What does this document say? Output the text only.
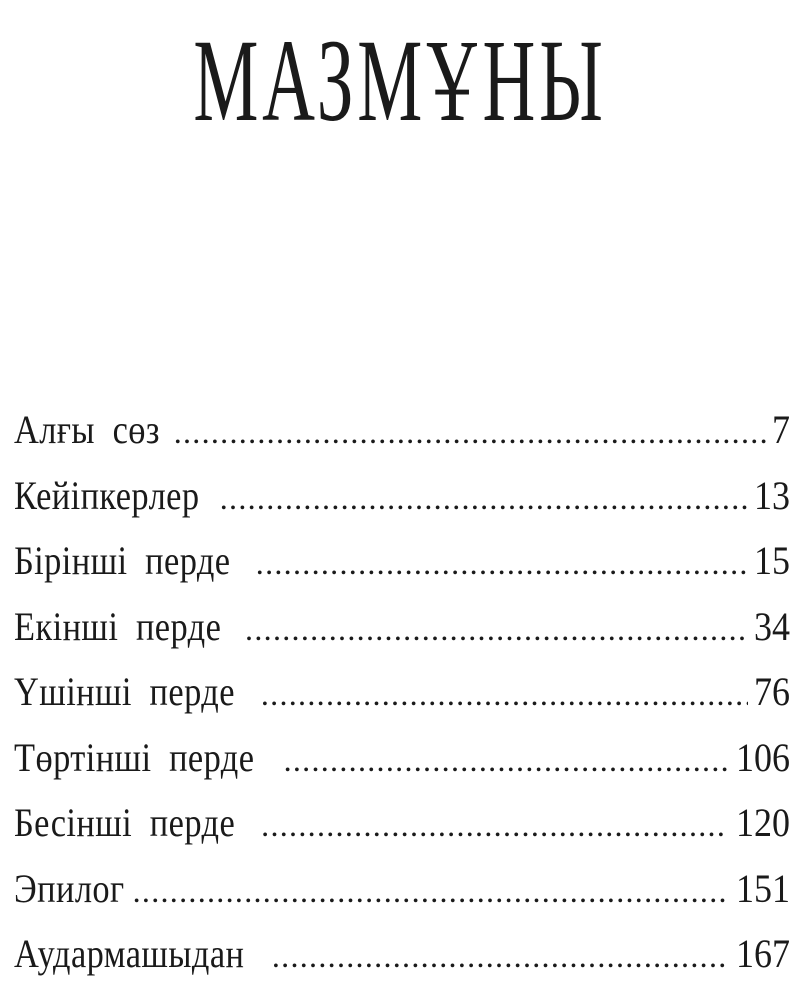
МАЗМҰНЫ
Алғы сөз .....	7
Кейіпкерлер .....	13
Бірінші перде .....	15
Екінші перде .....	34
Үшінші перде .....	76
Төртінші перде .....	106
Бесінші перде .....	120
Эпилог .....	151
Аудармашыдан .....	167
